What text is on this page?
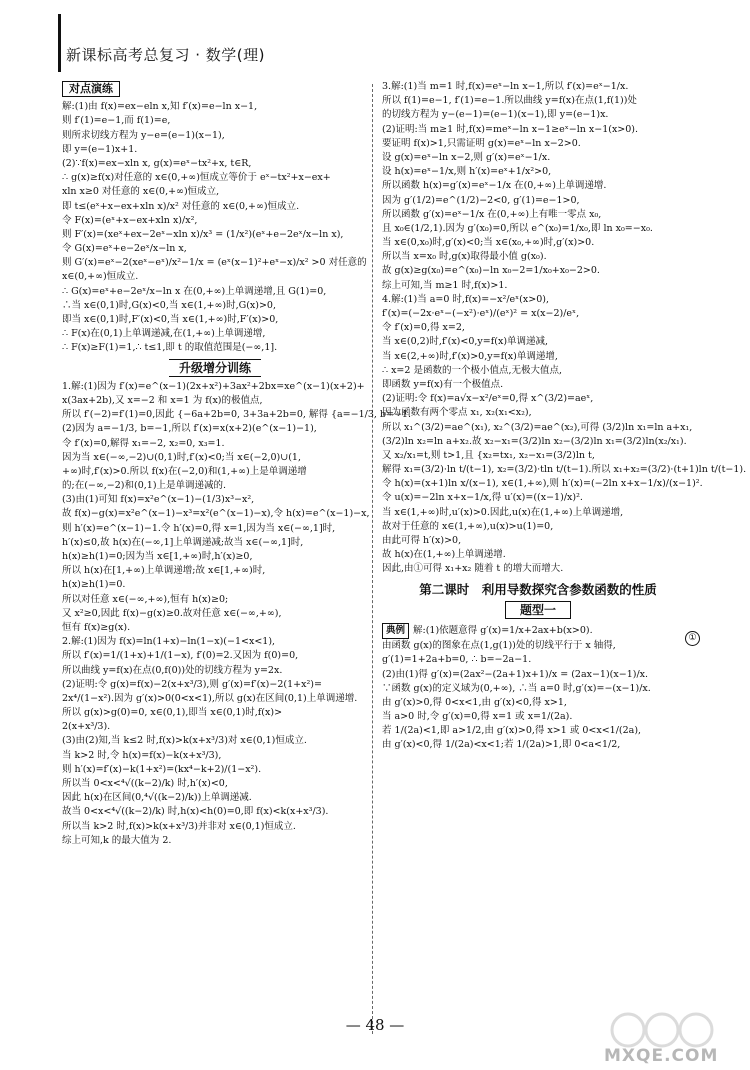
新课标高考总复习 · 数学(理)
对点演练
解:(1)由 f(x)=ex−eln x,知 f′(x)=e−ln x−1,
则 f′(1)=e−1,而 f(1)=e,
则所求切线方程为 y−e=(e−1)(x−1),
即 y=(e−1)x+1.
(2)∵f(x)=ex−xln x, g(x)=eˣ−tx²+x, t∈R,
∴ g(x)≥f(x)对任意的 x∈(0,+∞)恒成立等价于 eˣ−tx²+x−ex+
xln x≥0 对任意的 x∈(0,+∞)恒成立,
即 t≤(eˣ+x−ex+xln x)/x² 对任意的 x∈(0,+∞)恒成立.
令 F(x)=(eˣ+x−ex+xln x)/x²,
则 F′(x)=(xeˣ+ex−2eˣ−xln x)/x³ = (1/x²)(eˣ+e−2eˣ/x−ln x),
令 G(x)=eˣ+e−2eˣ/x−ln x,
则 G′(x)=eˣ−2(xeˣ−eˣ)/x²−1/x = (eˣ(x−1)²+eˣ−x)/x² >0 对任意的
x∈(0,+∞)恒成立.
∴ G(x)=eˣ+e−2eˣ/x−ln x 在(0,+∞)上单调递增,且 G(1)=0,
∴当 x∈(0,1)时,G(x)<0,当 x∈(1,+∞)时,G(x)>0,
即当 x∈(0,1)时,F′(x)<0,当 x∈(1,+∞)时,F′(x)>0,
∴ F(x)在(0,1)上单调递减,在(1,+∞)上单调递增,
∴ F(x)≥F(1)=1,∴ t≤1,即 t 的取值范围是(−∞,1].
升级增分训练
1.解:(1)因为 f′(x)=e^(x−1)(2x+x²)+3ax²+2bx=xe^(x−1)(x+2)+
x(3ax+2b),又 x=−2 和 x=1 为 f(x)的极值点,
所以 f′(−2)=f′(1)=0,因此 {−6a+2b=0, 3+3a+2b=0, 解得 {a=−1/3, b=−1.
(2)因为 a=−1/3, b=−1,所以 f′(x)=x(x+2)(e^(x−1)−1),
令 f′(x)=0,解得 x₁=−2, x₂=0, x₃=1.
因为当 x∈(−∞,−2)∪(0,1)时,f′(x)<0;当 x∈(−2,0)∪(1,
+∞)时,f′(x)>0.所以 f(x)在(−2,0)和(1,+∞)上是单调递增
的;在(−∞,−2)和(0,1)上是单调递减的.
(3)由(1)可知 f(x)=x²e^(x−1)−(1/3)x³−x²,
故 f(x)−g(x)=x²e^(x−1)−x³=x²(e^(x−1)−x),令 h(x)=e^(x−1)−x,
则 h′(x)=e^(x−1)−1.令 h′(x)=0,得 x=1,因为当 x∈(−∞,1]时,
h′(x)≤0,故 h(x)在(−∞,1]上单调递减;故当 x∈(−∞,1]时,
h(x)≥h(1)=0;因为当 x∈[1,+∞)时,h′(x)≥0,
所以 h(x)在[1,+∞)上单调递增;故 x∈[1,+∞)时,
h(x)≥h(1)=0.
所以对任意 x∈(−∞,+∞),恒有 h(x)≥0;
又 x²≥0,因此 f(x)−g(x)≥0.故对任意 x∈(−∞,+∞),
恒有 f(x)≥g(x).
2.解:(1)因为 f(x)=ln(1+x)−ln(1−x)(−1<x<1),
所以 f′(x)=1/(1+x)+1/(1−x), f′(0)=2.又因为 f(0)=0,
所以曲线 y=f(x)在点(0,f(0))处的切线方程为 y=2x.
(2)证明:令 g(x)=f(x)−2(x+x³/3),则 g′(x)=f′(x)−2(1+x²)=
2x⁴/(1−x²).因为 g′(x)>0(0<x<1),所以 g(x)在区间(0,1)上单调递增.
所以 g(x)>g(0)=0, x∈(0,1),即当 x∈(0,1)时,f(x)>
2(x+x³/3).
(3)由(2)知,当 k≤2 时,f(x)>k(x+x³/3)对 x∈(0,1)恒成立.
当 k>2 时,令 h(x)=f(x)−k(x+x³/3),
则 h′(x)=f′(x)−k(1+x²)=(kx⁴−k+2)/(1−x²).
所以当 0<x<⁴√((k−2)/k) 时,h′(x)<0,
因此 h(x)在区间(0,⁴√((k−2)/k))上单调递减.
故当 0<x<⁴√((k−2)/k) 时,h(x)<h(0)=0,即 f(x)<k(x+x³/3).
所以当 k>2 时,f(x)>k(x+x³/3)并非对 x∈(0,1)恒成立.
综上可知,k 的最大值为 2.
3.解:(1)当 m=1 时,f(x)=eˣ−ln x−1,所以 f′(x)=eˣ−1/x.
所以 f(1)=e−1, f′(1)=e−1.所以曲线 y=f(x)在点(1,f(1))处
的切线方程为 y−(e−1)=(e−1)(x−1),即 y=(e−1)x.
(2)证明:当 m≥1 时,f(x)=meˣ−ln x−1≥eˣ−ln x−1(x>0).
要证明 f(x)>1,只需证明 g(x)=eˣ−ln x−2>0.
设 g(x)=eˣ−ln x−2,则 g′(x)=eˣ−1/x.
设 h(x)=eˣ−1/x,则 h′(x)=eˣ+1/x²>0,
所以函数 h(x)=g′(x)=eˣ−1/x 在(0,+∞)上单调递增.
因为 g′(1/2)=e^(1/2)−2<0, g′(1)=e−1>0,
所以函数 g′(x)=eˣ−1/x 在(0,+∞)上有唯一零点 x₀,
且 x₀∈(1/2,1).因为 g′(x₀)=0,所以 e^(x₀)=1/x₀,即 ln x₀=−x₀.
当 x∈(0,x₀)时,g′(x)<0;当 x∈(x₀,+∞)时,g′(x)>0.
所以当 x=x₀ 时,g(x)取得最小值 g(x₀).
故 g(x)≥g(x₀)=e^(x₀)−ln x₀−2=1/x₀+x₀−2>0.
综上可知,当 m≥1 时,f(x)>1.
4.解:(1)当 a=0 时,f(x)=−x²/eˣ(x>0),
f′(x)=(−2x·eˣ−(−x²)·eˣ)/(eˣ)² = x(x−2)/eˣ,
令 f′(x)=0,得 x=2,
当 x∈(0,2)时,f′(x)<0,y=f(x)单调递减,
当 x∈(2,+∞)时,f′(x)>0,y=f(x)单调递增,
∴ x=2 是函数的一个极小值点,无极大值点,
即函数 y=f(x)有一个极值点.
(2)证明:令 f(x)=a√x−x²/eˣ=0,得 x^(3/2)=aeˣ,
因为函数有两个零点 x₁, x₂(x₁<x₂),
所以 x₁^(3/2)=ae^(x₁), x₂^(3/2)=ae^(x₂),可得 (3/2)ln x₁=ln a+x₁,
(3/2)ln x₂=ln a+x₂.故 x₂−x₁=(3/2)ln x₂−(3/2)ln x₁=(3/2)ln(x₂/x₁).
又 x₂/x₁=t,则 t>1,且 {x₂=tx₁, x₂−x₁=(3/2)ln t,
解得 x₁=(3/2)·ln t/(t−1), x₂=(3/2)·tln t/(t−1).所以 x₁+x₂=(3/2)·(t+1)ln t/(t−1).
令 h(x)=(x+1)ln x/(x−1), x∈(1,+∞),则 h′(x)=(−2ln x+x−1/x)/(x−1)².
令 u(x)=−2ln x+x−1/x,得 u′(x)=((x−1)/x)².
当 x∈(1,+∞)时,u′(x)>0.因此,u(x)在(1,+∞)上单调递增,
故对于任意的 x∈(1,+∞),u(x)>u(1)=0,
由此可得 h′(x)>0,
故 h(x)在(1,+∞)上单调递增.
因此,由①可得 x₁+x₂ 随着 t 的增大而增大.
第二课时　利用导数探究含参数函数的性质
题型一
典例 解:(1)依题意得 g′(x)=1/x+2ax+b(x>0).
由函数 g(x)的图象在点(1,g(1))处的切线平行于 x 轴得,
g′(1)=1+2a+b=0, ∴ b=−2a−1.
(2)由(1)得 g′(x)=(2ax²−(2a+1)x+1)/x = (2ax−1)(x−1)/x.
∵函数 g(x)的定义域为(0,+∞), ∴当 a=0 时,g′(x)=−(x−1)/x.
由 g′(x)>0,得 0<x<1,由 g′(x)<0,得 x>1,
当 a>0 时,令 g′(x)=0,得 x=1 或 x=1/(2a).
若 1/(2a)<1,即 a>1/2,由 g′(x)>0,得 x>1 或 0<x<1/(2a),
由 g′(x)<0,得 1/(2a)<x<1;若 1/(2a)>1,即 0<a<1/2,
①
— 48 —
MXQE.COM
